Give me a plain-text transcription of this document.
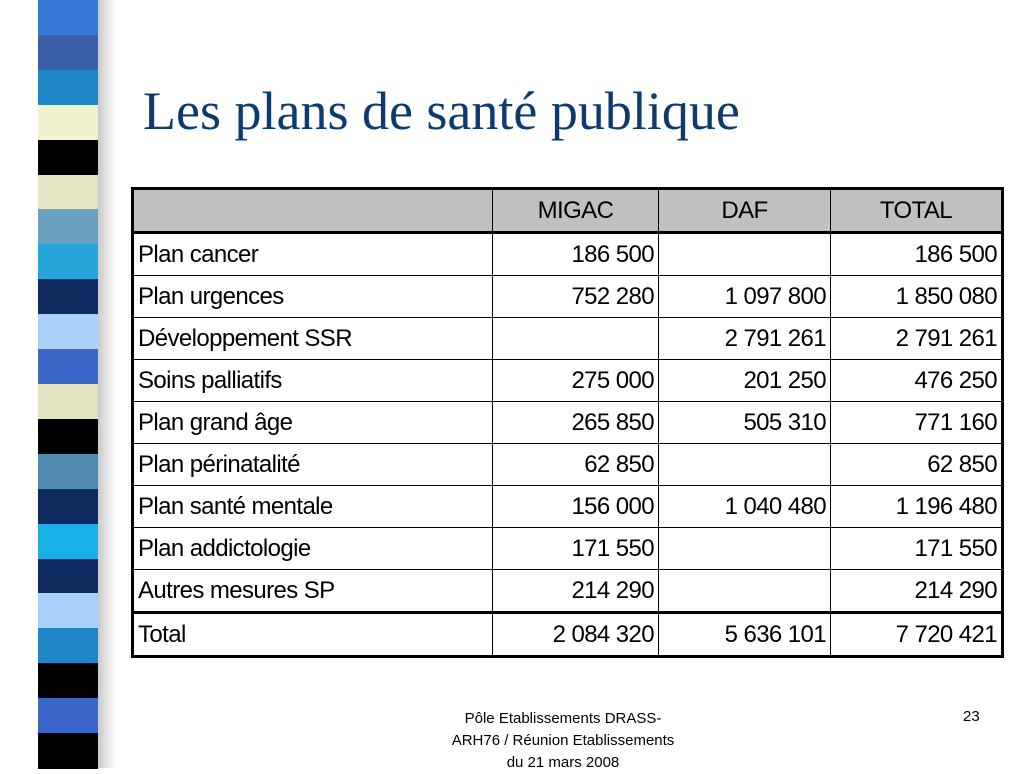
Les plans de santé publique
	MIGAC	DAF	TOTAL
Plan cancer	186 500		186 500
Plan urgences	752 280	1 097 800	1 850 080
Développement SSR		2 791 261	2 791 261
Soins palliatifs	275 000	201 250	476 250
Plan grand âge	265 850	505 310	771 160
Plan périnatalité	62 850		62 850
Plan santé mentale	156 000	1 040 480	1 196 480
Plan addictologie	171 550		171 550
Autres mesures SP	214 290		214 290
Total	2 084 320	5 636 101	7 720 421
Pôle Etablissements DRASS-
ARH76 / Réunion Etablissements
du 21 mars 2008
23
